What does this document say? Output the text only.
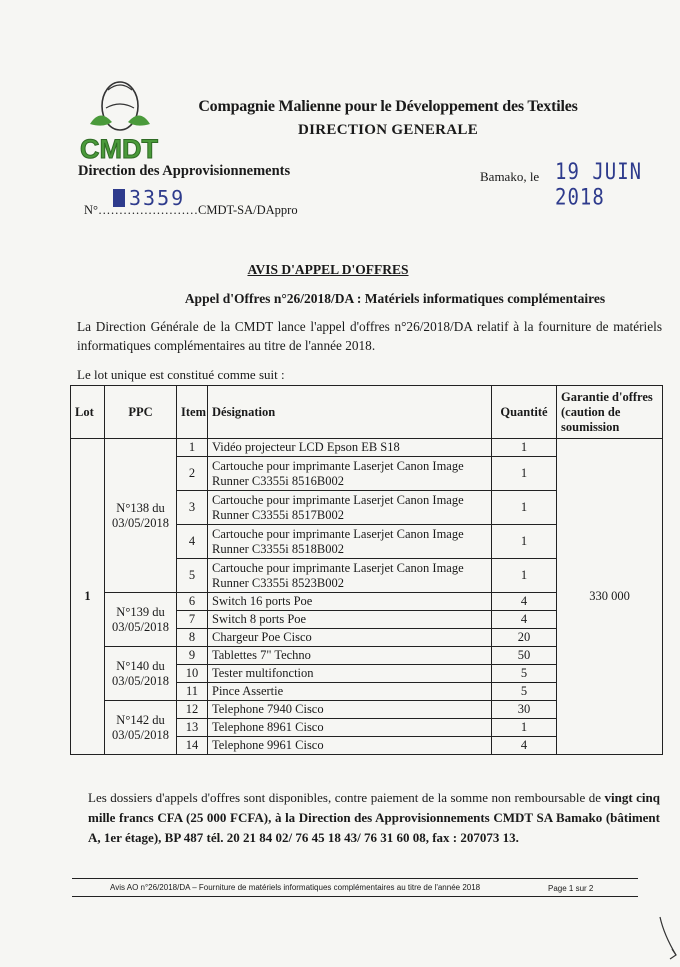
CMDT
Compagnie Malienne pour le Développement des Textiles
DIRECTION GENERALE
Direction des Approvisionnements	Bamako, le 19 JUIN 2018
3359
N°……………………CMDT-SA/DAppro
AVIS D'APPEL D'OFFRES
Appel d'Offres n°26/2018/DA : Matériels informatiques complémentaires
La Direction Générale de la CMDT lance l'appel d'offres n°26/2018/DA relatif à la fourniture de matériels informatiques complémentaires au titre de l'année 2018.
Le lot unique est constitué comme suit :
Lot	PPC	Item	Désignation	Quantité	Garantie d'offres (caution de soumission
1	N°138 du 03/05/2018	1	Vidéo projecteur LCD Epson EB S18	1	330 000
		2	Cartouche pour imprimante Laserjet Canon Image Runner C3355i 8516B002	1	
		3	Cartouche pour imprimante Laserjet Canon Image Runner C3355i 8517B002	1	
		4	Cartouche pour imprimante Laserjet Canon Image Runner C3355i 8518B002	1	
		5	Cartouche pour imprimante Laserjet Canon Image Runner C3355i 8523B002	1	
	N°139 du 03/05/2018	6	Switch 16 ports Poe	4	
		7	Switch 8 ports Poe	4	
		8	Chargeur Poe Cisco	20	
	N°140 du 03/05/2018	9	Tablettes 7" Techno	50	
		10	Tester multifonction	5	
		11	Pince Assertie	5	
	N°142 du 03/05/2018	12	Telephone 7940 Cisco	30	
		13	Telephone 8961 Cisco	1	
		14	Telephone 9961 Cisco	4	
Les dossiers d'appels d'offres sont disponibles, contre paiement de la somme non remboursable de vingt cinq mille francs CFA (25 000 FCFA), à la Direction des Approvisionnements CMDT SA Bamako (bâtiment A, 1er étage), BP 487 tél. 20 21 84 02/ 76 45 18 43/ 76 31 60 08, fax : 207073 13.
Avis AO n°26/2018/DA – Fourniture de matériels informatiques complémentaires au titre de l'année 2018	Page 1 sur 2
